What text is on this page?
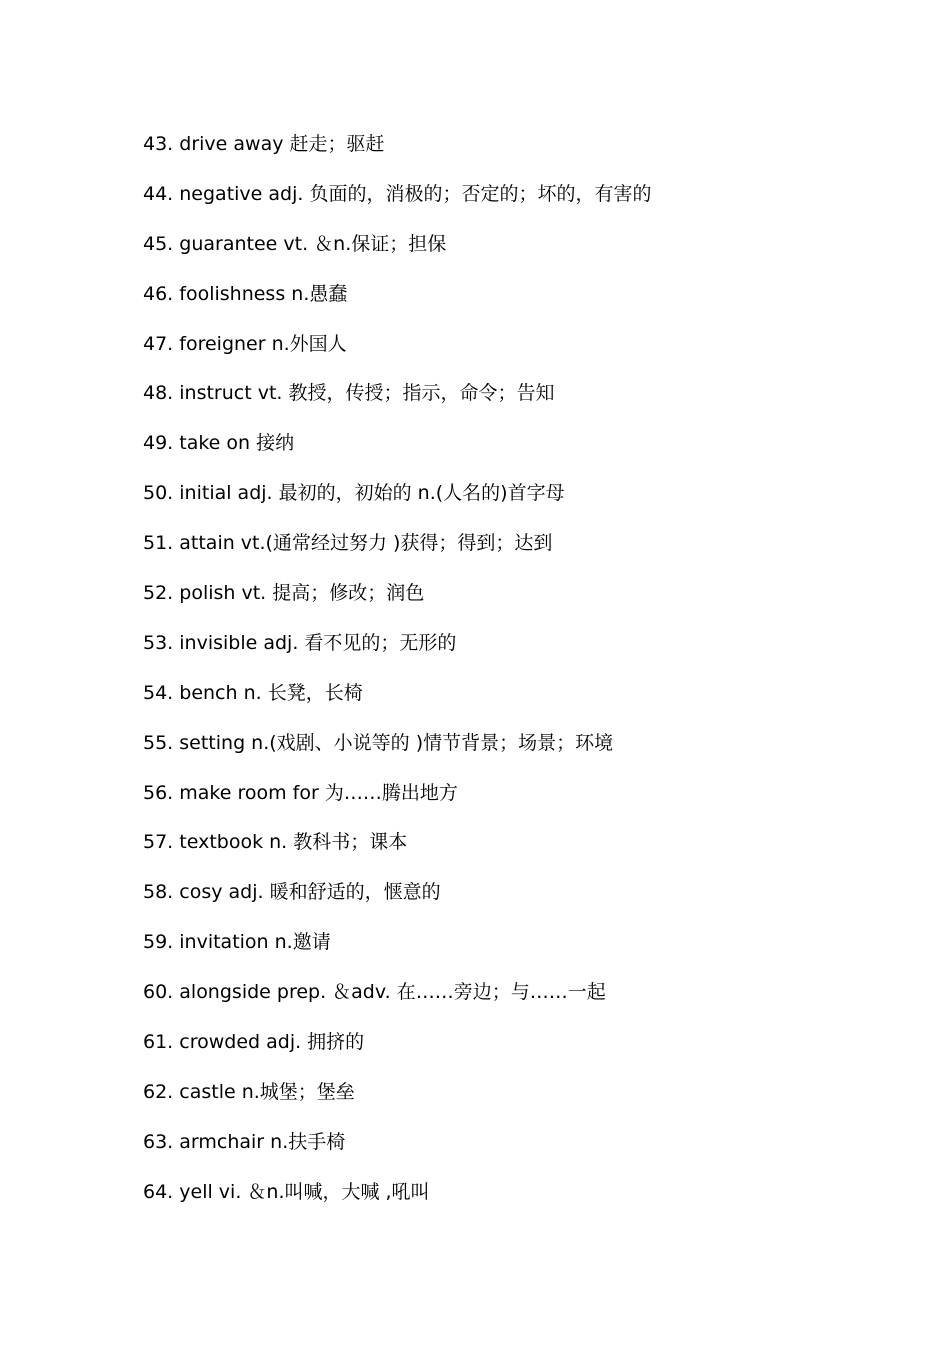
43. drive away 赶走；驱赶
44. negative adj. 负面的，消极的；否定的；坏的，有害的
45. guarantee vt. ＆n.保证；担保
46. foolishness n.愚蠢
47. foreigner n.外国人
48. instruct vt. 教授，传授；指示，命令；告知
49. take on 接纳
50. initial adj. 最初的，初始的 n.(人名的)首字母
51. attain vt.(通常经过努力 )获得；得到；达到
52. polish vt. 提高；修改；润色
53. invisible adj. 看不见的；无形的
54. bench n. 长凳，长椅
55. setting n.(戏剧、小说等的 )情节背景；场景；环境
56. make room for 为……腾出地方
57. textbook n. 教科书；课本
58. cosy adj. 暖和舒适的，惬意的
59. invitation n.邀请
60. alongside prep. ＆adv. 在……旁边；与……一起
61. crowded adj. 拥挤的
62. castle n.城堡；堡垒
63. armchair n.扶手椅
64. yell vi. ＆n.叫喊，大喊 ,吼叫
